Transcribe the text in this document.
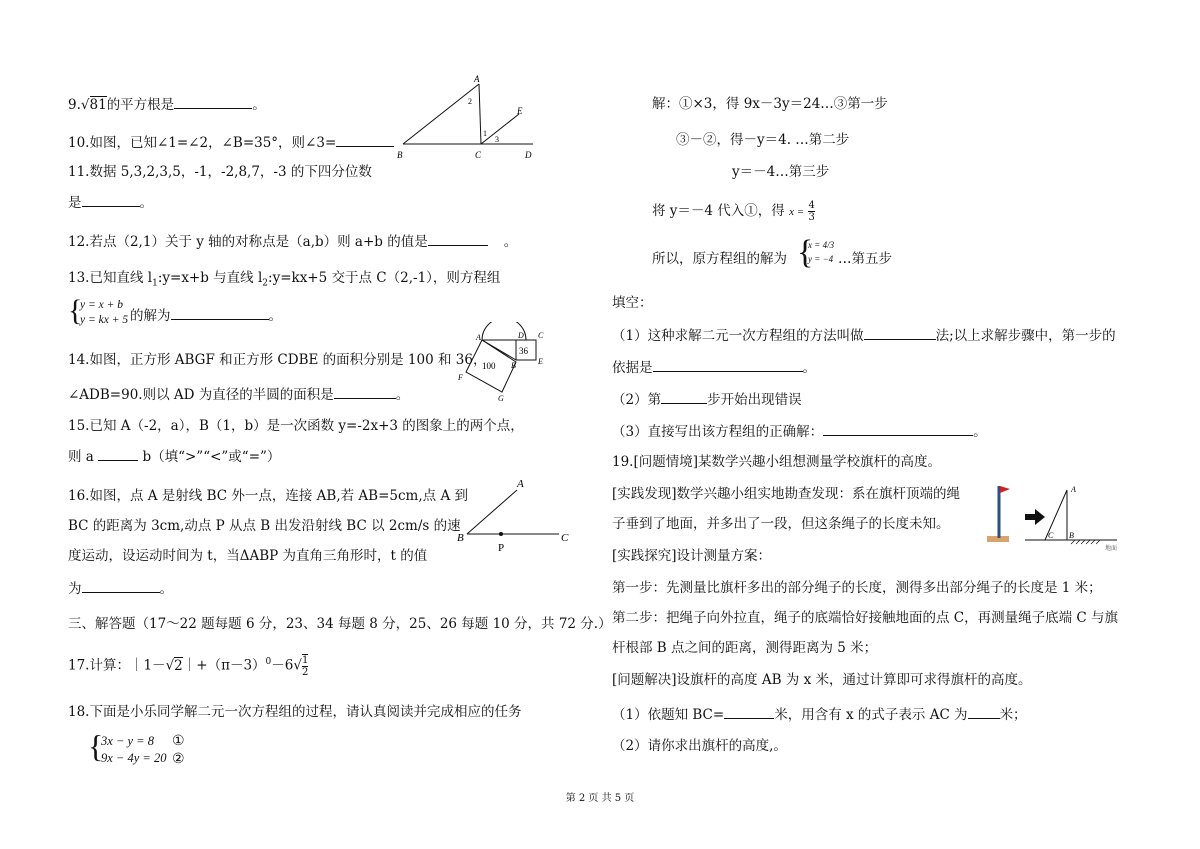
9.√81的平方根是	。
10.如图，已知∠1=∠2，∠B=35°，则∠3=
A
B	C	D
E
1
2
3
11.数据 5,3,2,3,5，-1，-2,8,7，-3 的下四分位数
是	。
12.若点（2,1）关于 y 轴的对称点是（a,b）则 a+b 的值是	。
13.已知直线 $l_1:y=x+b$ 与直线 $l_2:y=kx+5$ 交于点 C（2,-1），则方程组
{
y = x + b
y = kx + 5 的解为	。
A
B
C
D
E
F
G
100
36
14.如图，正方形 ABGF 和正方形 CDBE 的面积分别是 100 和 36，
∠ADB=90.则以 AD 为直径的半圆的面积是	。
15.已知 A（-2，a），B（1，b）是一次函数 y=-2x+3 的图象上的两个点，
则 a	b（填“>”“<”或“=”）
A
B	C
P
16.如图，点 A 是射线 BC 外一点，连接 AB,若 AB=5cm,点 A 到
BC 的距离为 3cm,动点 P 从点 B 出发沿射线 BC 以 2cm/s 的速
度运动，设运动时间为 t，当ΔABP 为直角三角形时，t 的值
为	。
三、解答题（17～22 题每题 6 分，23、34 每题 8 分，25、26 每题 10 分，共 72 分.）
17.计算：$|1-√2|+(\pi-3)^0-6√ \frac{1}{2}$
18.下面是小乐同学解二元一次方程组的过程，请认真阅读并完成相应的任务
{
3x − y = 8
9x − 4y = 20
①
②
解：①×3，得 9x－3y＝24…③第一步
③－②，得－y＝4. …第二步
y＝－4…第三步
将 y＝－4 代入①，得 $x = \frac{4}{3}$
所以，原方程组的解为 {
x = 4/3
y = −4 …第五步
填空：
（1）这种求解二元一次方程组的方法叫做	法;以上求解步骤中，第一步的
依据是	。
（2）第	步开始出现错误
（3）直接写出该方程组的正确解：	。
19.[问题情境]某数学兴趣小组想测量学校旗杆的高度。
[实践发现]数学兴趣小组实地勘查发现：系在旗杆顶端的绳
子垂到了地面，并多出了一段，但这条绳子的长度未知。
[实践探究]设计测量方案：
A
B
C
地面
第一步：先测量比旗杆多出的部分绳子的长度，测得多出部分绳子的长度是 1 米；
第二步：把绳子向外拉直，绳子的底端恰好接触地面的点 C，再测量绳子底端 C 与旗
杆根部 B 点之间的距离，测得距离为 5 米；
[问题解决]设旗杆的高度 AB 为 x 米，通过计算即可求得旗杆的高度。
（1）依题知 BC=	米，用含有 x 的式子表示 AC 为 米；
（2）请你求出旗杆的高度,。
第 2 页 共 5 页
